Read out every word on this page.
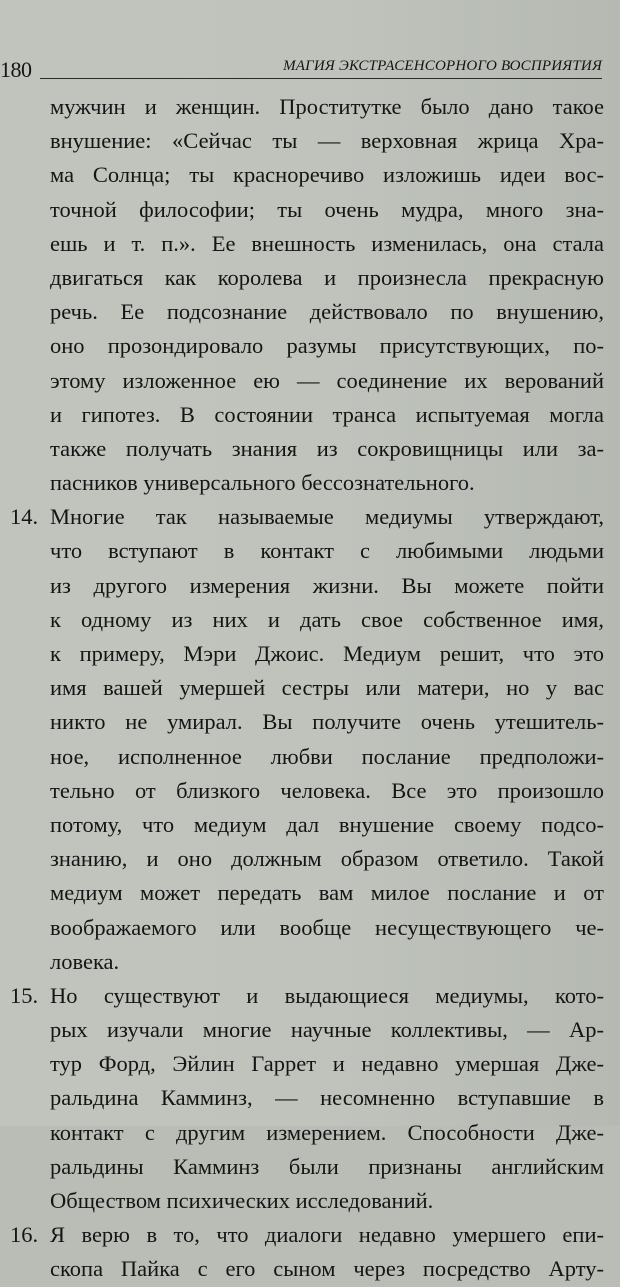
180	МАГИЯ ЭКСТРАСЕНСОРНОГО ВОСПРИЯТИЯ
мужчин и женщин. Проститутке было дано такое
внушение: «Сейчас ты — верховная жрица Хра-
ма Солнца; ты красноречиво изложишь идеи вос-
точной философии; ты очень мудра, много зна-
ешь и т. п.». Ее внешность изменилась, она стала
двигаться как королева и произнесла прекрасную
речь. Ее подсознание действовало по внушению,
оно прозондировало разумы присутствующих, по-
этому изложенное ею — соединение их верований
и гипотез. В состоянии транса испытуемая могла
также получать знания из сокровищницы или за-
пасников универсального бессознательного.
14. Многие так называемые медиумы утверждают,
что вступают в контакт с любимыми людьми
из другого измерения жизни. Вы можете пойти
к одному из них и дать свое собственное имя,
к примеру, Мэри Джоис. Медиум решит, что это
имя вашей умершей сестры или матери, но у вас
никто не умирал. Вы получите очень утешитель-
ное, исполненное любви послание предположи-
тельно от близкого человека. Все это произошло
потому, что медиум дал внушение своему подсо-
знанию, и оно должным образом ответило. Такой
медиум может передать вам милое послание и от
воображаемого или вообще несуществующего че-
ловека.
15. Но существуют и выдающиеся медиумы, кото-
рых изучали многие научные коллективы, — Ар-
тур Форд, Эйлин Гаррет и недавно умершая Дже-
ральдина Камминз, — несомненно вступавшие в
контакт с другим измерением. Способности Дже-
ральдины Камминз были признаны английским
Обществом психических исследований.
16. Я верю в то, что диалоги недавно умершего епи-
скопа Пайка с его сыном через посредство Арту-
